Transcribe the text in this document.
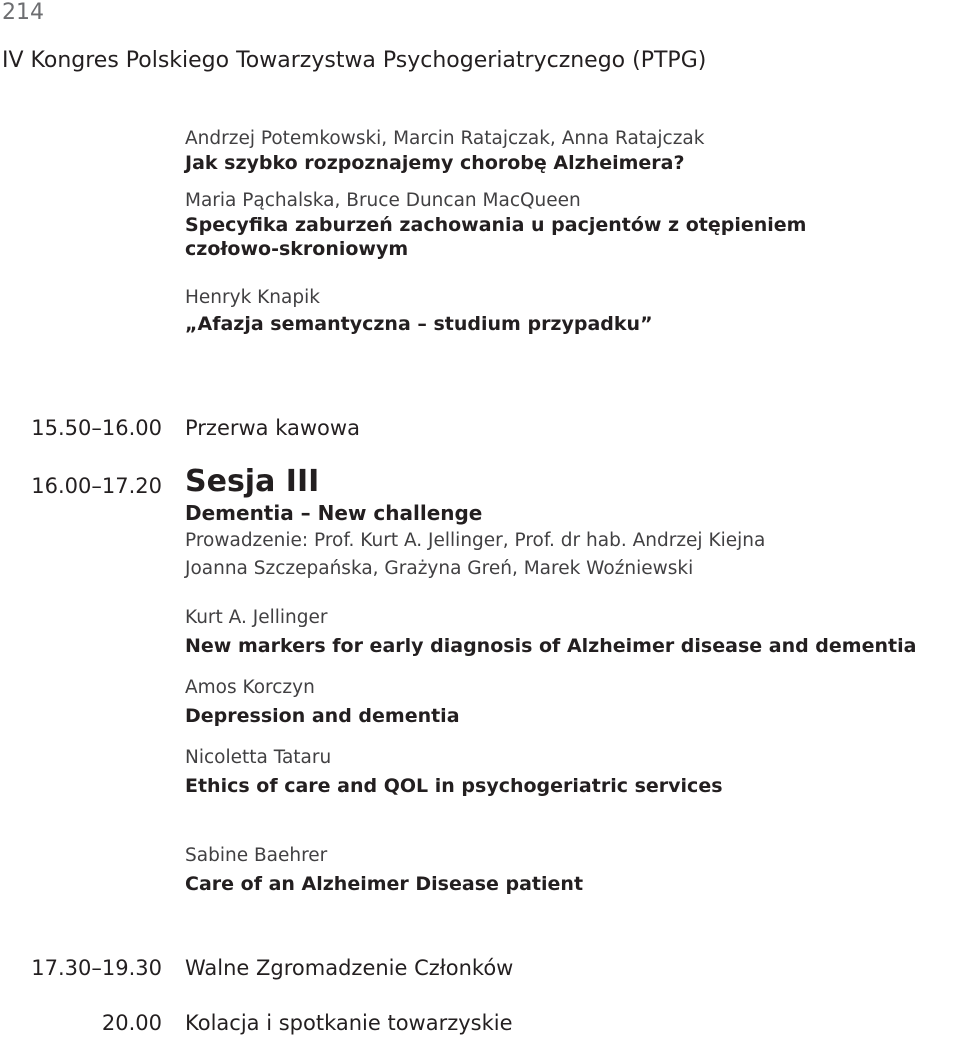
214
IV Kongres Polskiego Towarzystwa Psychogeriatrycznego (PTPG)
Andrzej Potemkowski, Marcin Ratajczak, Anna Ratajczak
Jak szybko rozpoznajemy chorobę Alzheimera?
Maria Pąchalska, Bruce Duncan MacQueen
Specyfika zaburzeń zachowania u pacjentów z otępieniem
czołowo-skroniowym
Henryk Knapik
„Afazja semantyczna – studium przypadku”
15.50–16.00 Przerwa kawowa
16.00–17.20 Sesja III
Dementia – New challenge
Prowadzenie: Prof. Kurt A. Jellinger, Prof. dr hab. Andrzej Kiejna
Joanna Szczepańska, Grażyna Greń, Marek Woźniewski
Kurt A. Jellinger
New markers for early diagnosis of Alzheimer disease and dementia
Amos Korczyn
Depression and dementia
Nicoletta Tataru
Ethics of care and QOL in psychogeriatric services
Sabine Baehrer
Care of an Alzheimer Disease patient
17.30–19.30 Walne Zgromadzenie Członków
20.00 Kolacja i spotkanie towarzyskie
